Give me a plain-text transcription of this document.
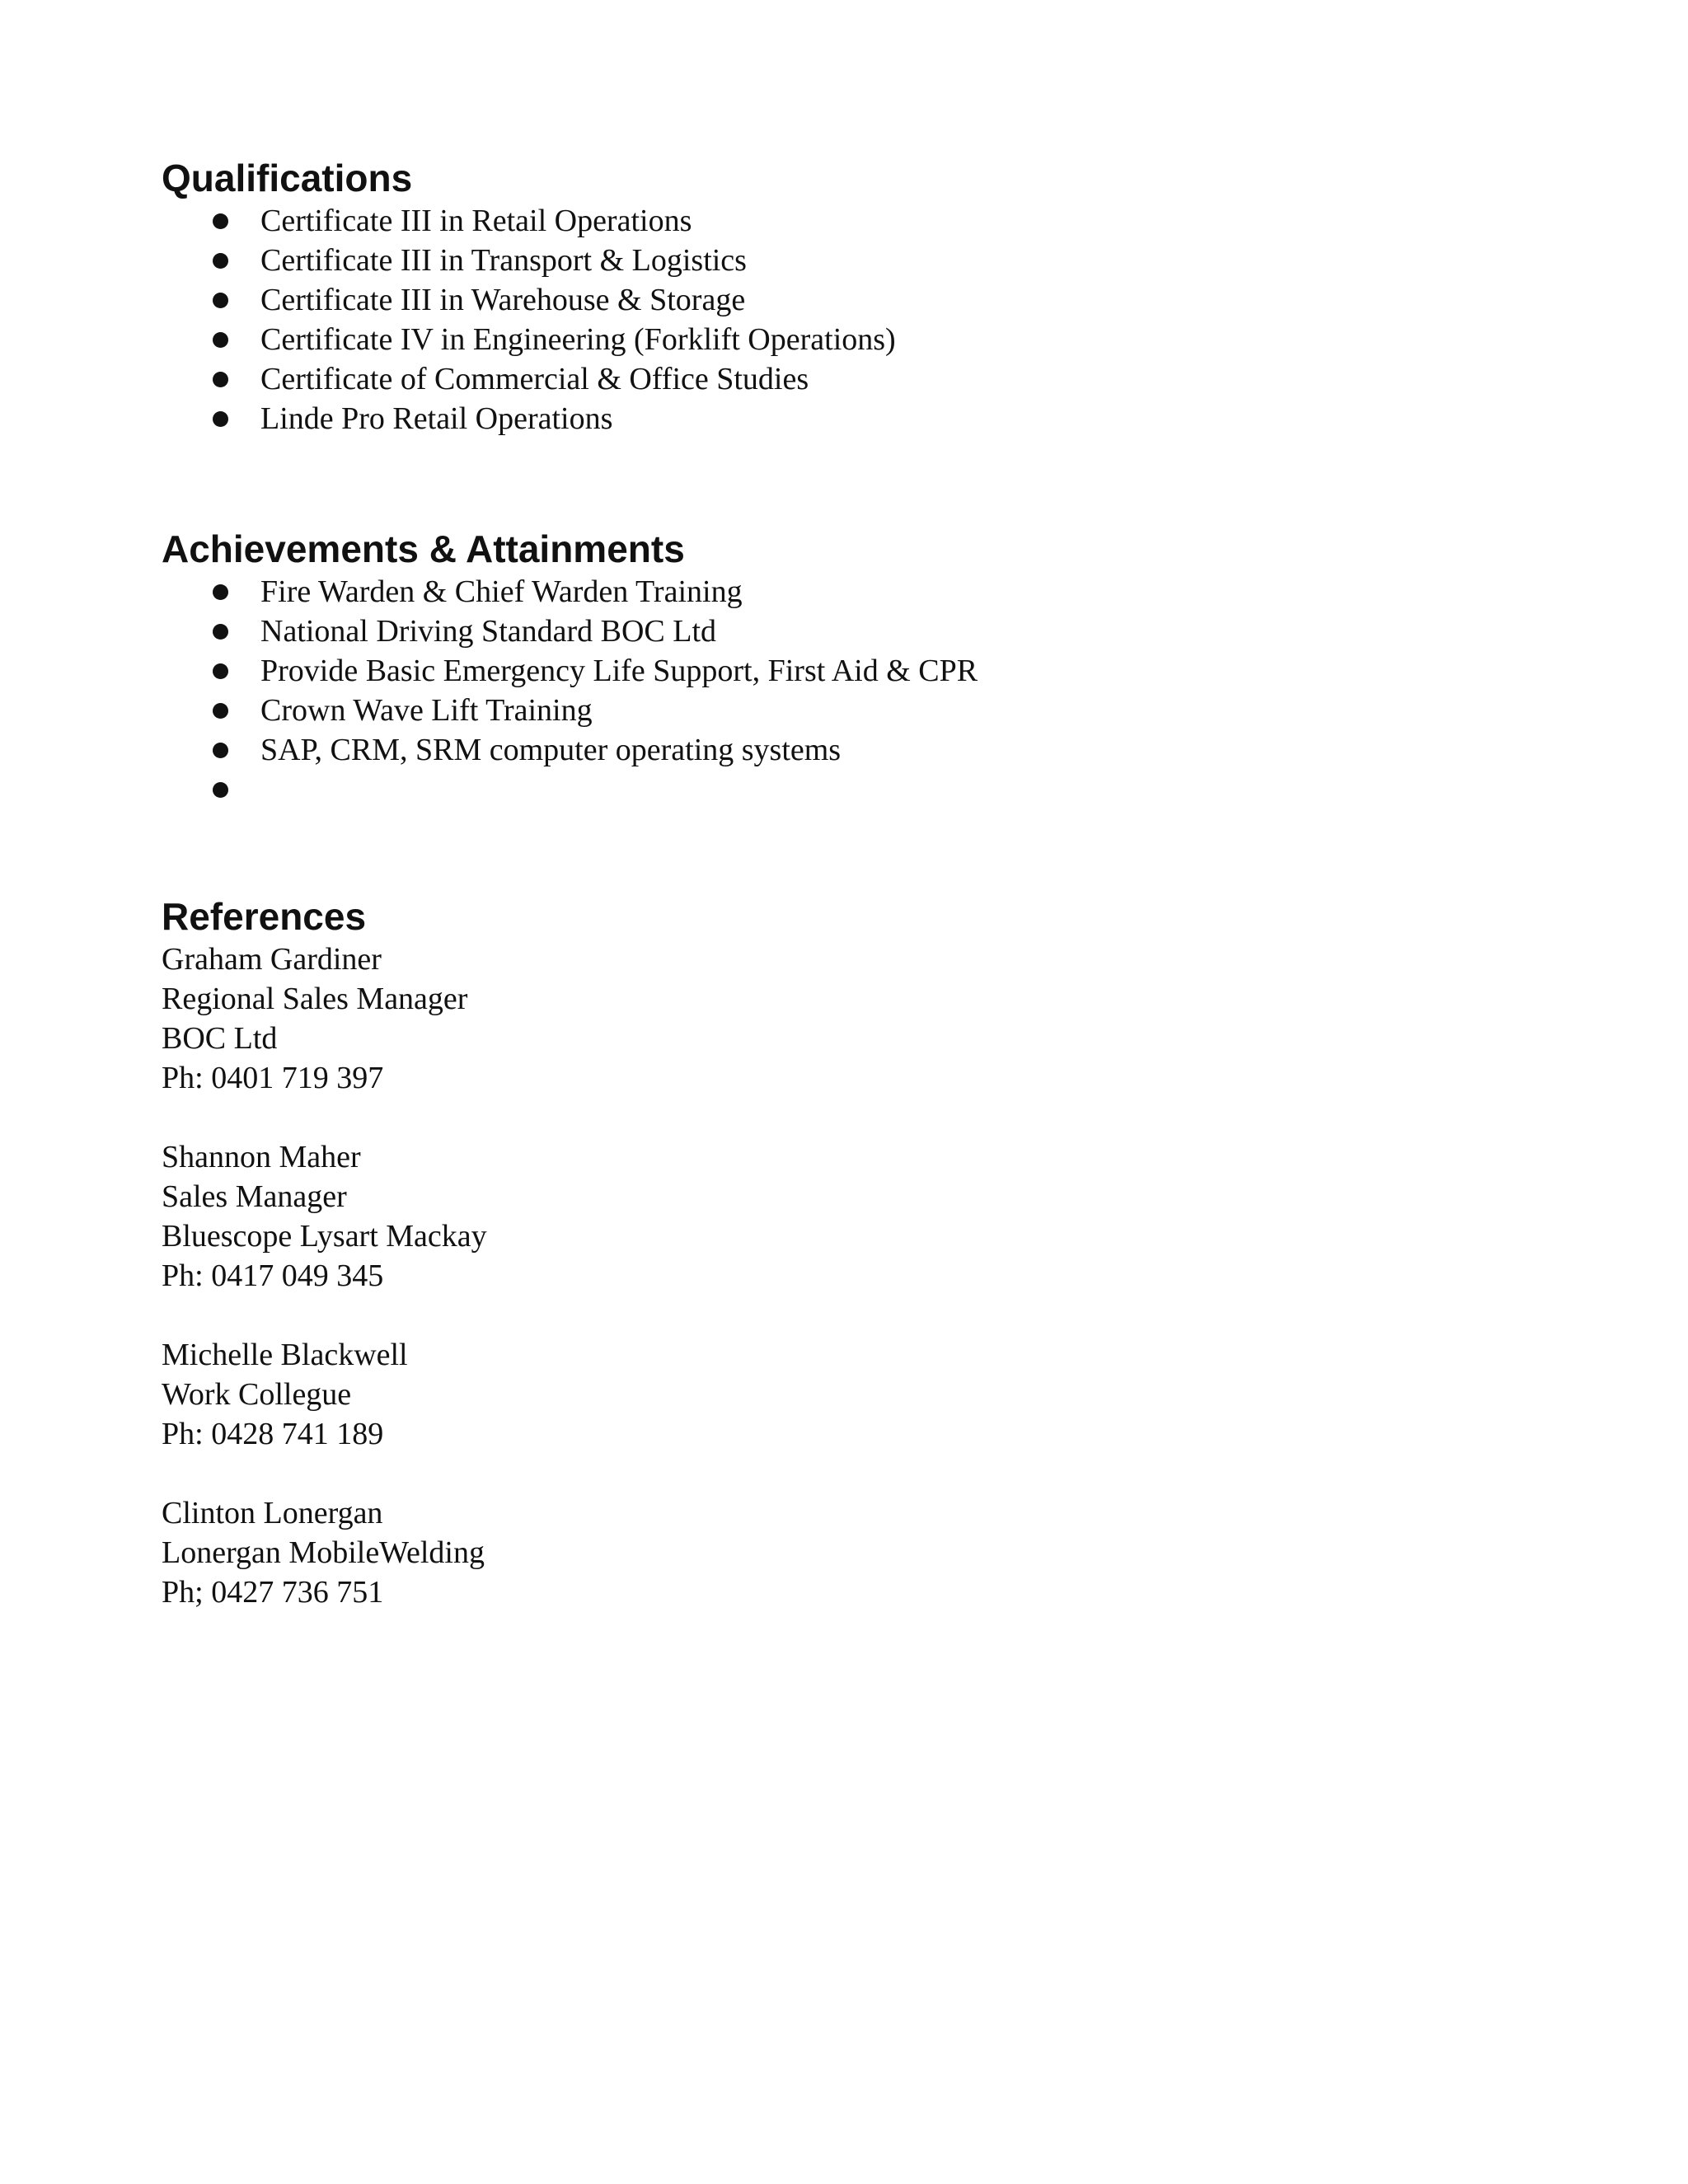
Qualifications
Certificate III in Retail Operations
Certificate III in Transport & Logistics
Certificate III in Warehouse & Storage
Certificate IV in Engineering (Forklift Operations)
Certificate of Commercial & Office Studies
Linde Pro Retail Operations
Achievements & Attainments
Fire Warden & Chief Warden Training
National Driving Standard BOC Ltd
Provide Basic Emergency Life Support, First Aid & CPR
Crown Wave Lift Training
SAP, CRM, SRM computer operating systems
References
Graham Gardiner
Regional Sales Manager
BOC Ltd
Ph: 0401 719 397
Shannon Maher
Sales Manager
Bluescope Lysart Mackay
Ph: 0417 049 345
Michelle Blackwell
Work Collegue
Ph: 0428 741 189
Clinton Lonergan
Lonergan MobileWelding
Ph; 0427 736 751
